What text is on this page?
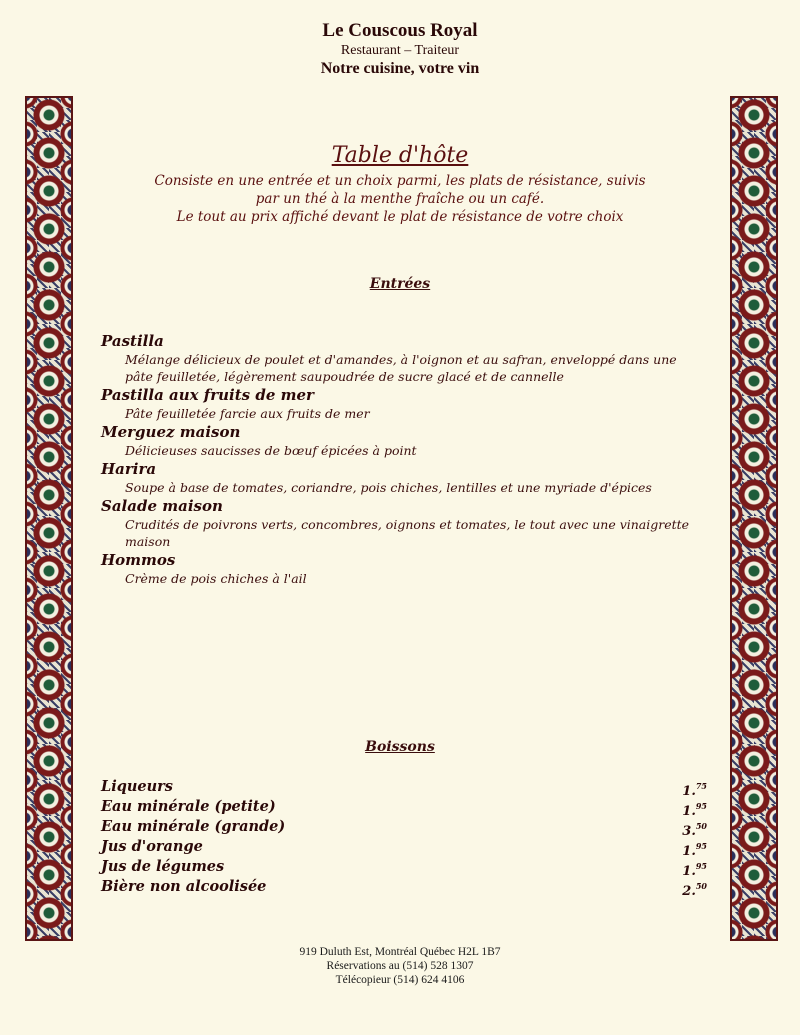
Le Couscous Royal
Restaurant – Traiteur
Notre cuisine, votre vin
Table d'hôte
Consiste en une entrée et un choix parmi, les plats de résistance, suivis
par un thé à la menthe fraîche ou un café.
Le tout au prix affiché devant le plat de résistance de votre choix
Entrées
Pastilla
Mélange délicieux de poulet et d'amandes, à l'oignon et au safran, enveloppé dans une pâte feuilletée, légèrement saupoudrée de sucre glacé et de cannelle
Pastilla aux fruits de mer
Pâte feuilletée farcie aux fruits de mer
Merguez maison
Délicieuses saucisses de bœuf épicées à point
Harira
Soupe à base de tomates, coriandre, pois chiches, lentilles et une myriade d'épices
Salade maison
Crudités de poivrons verts, concombres, oignons et tomates, le tout avec une vinaigrette maison
Hommos
Crème de pois chiches à l'ail
Boissons
Liqueurs	1.75
Eau minérale (petite)	1.95
Eau minérale (grande)	3.50
Jus d'orange	1.95
Jus de légumes	1.95
Bière non alcoolisée	2.50
919 Duluth Est, Montréal Québec H2L 1B7
Réservations au (514) 528 1307
Télécopieur (514) 624 4106
